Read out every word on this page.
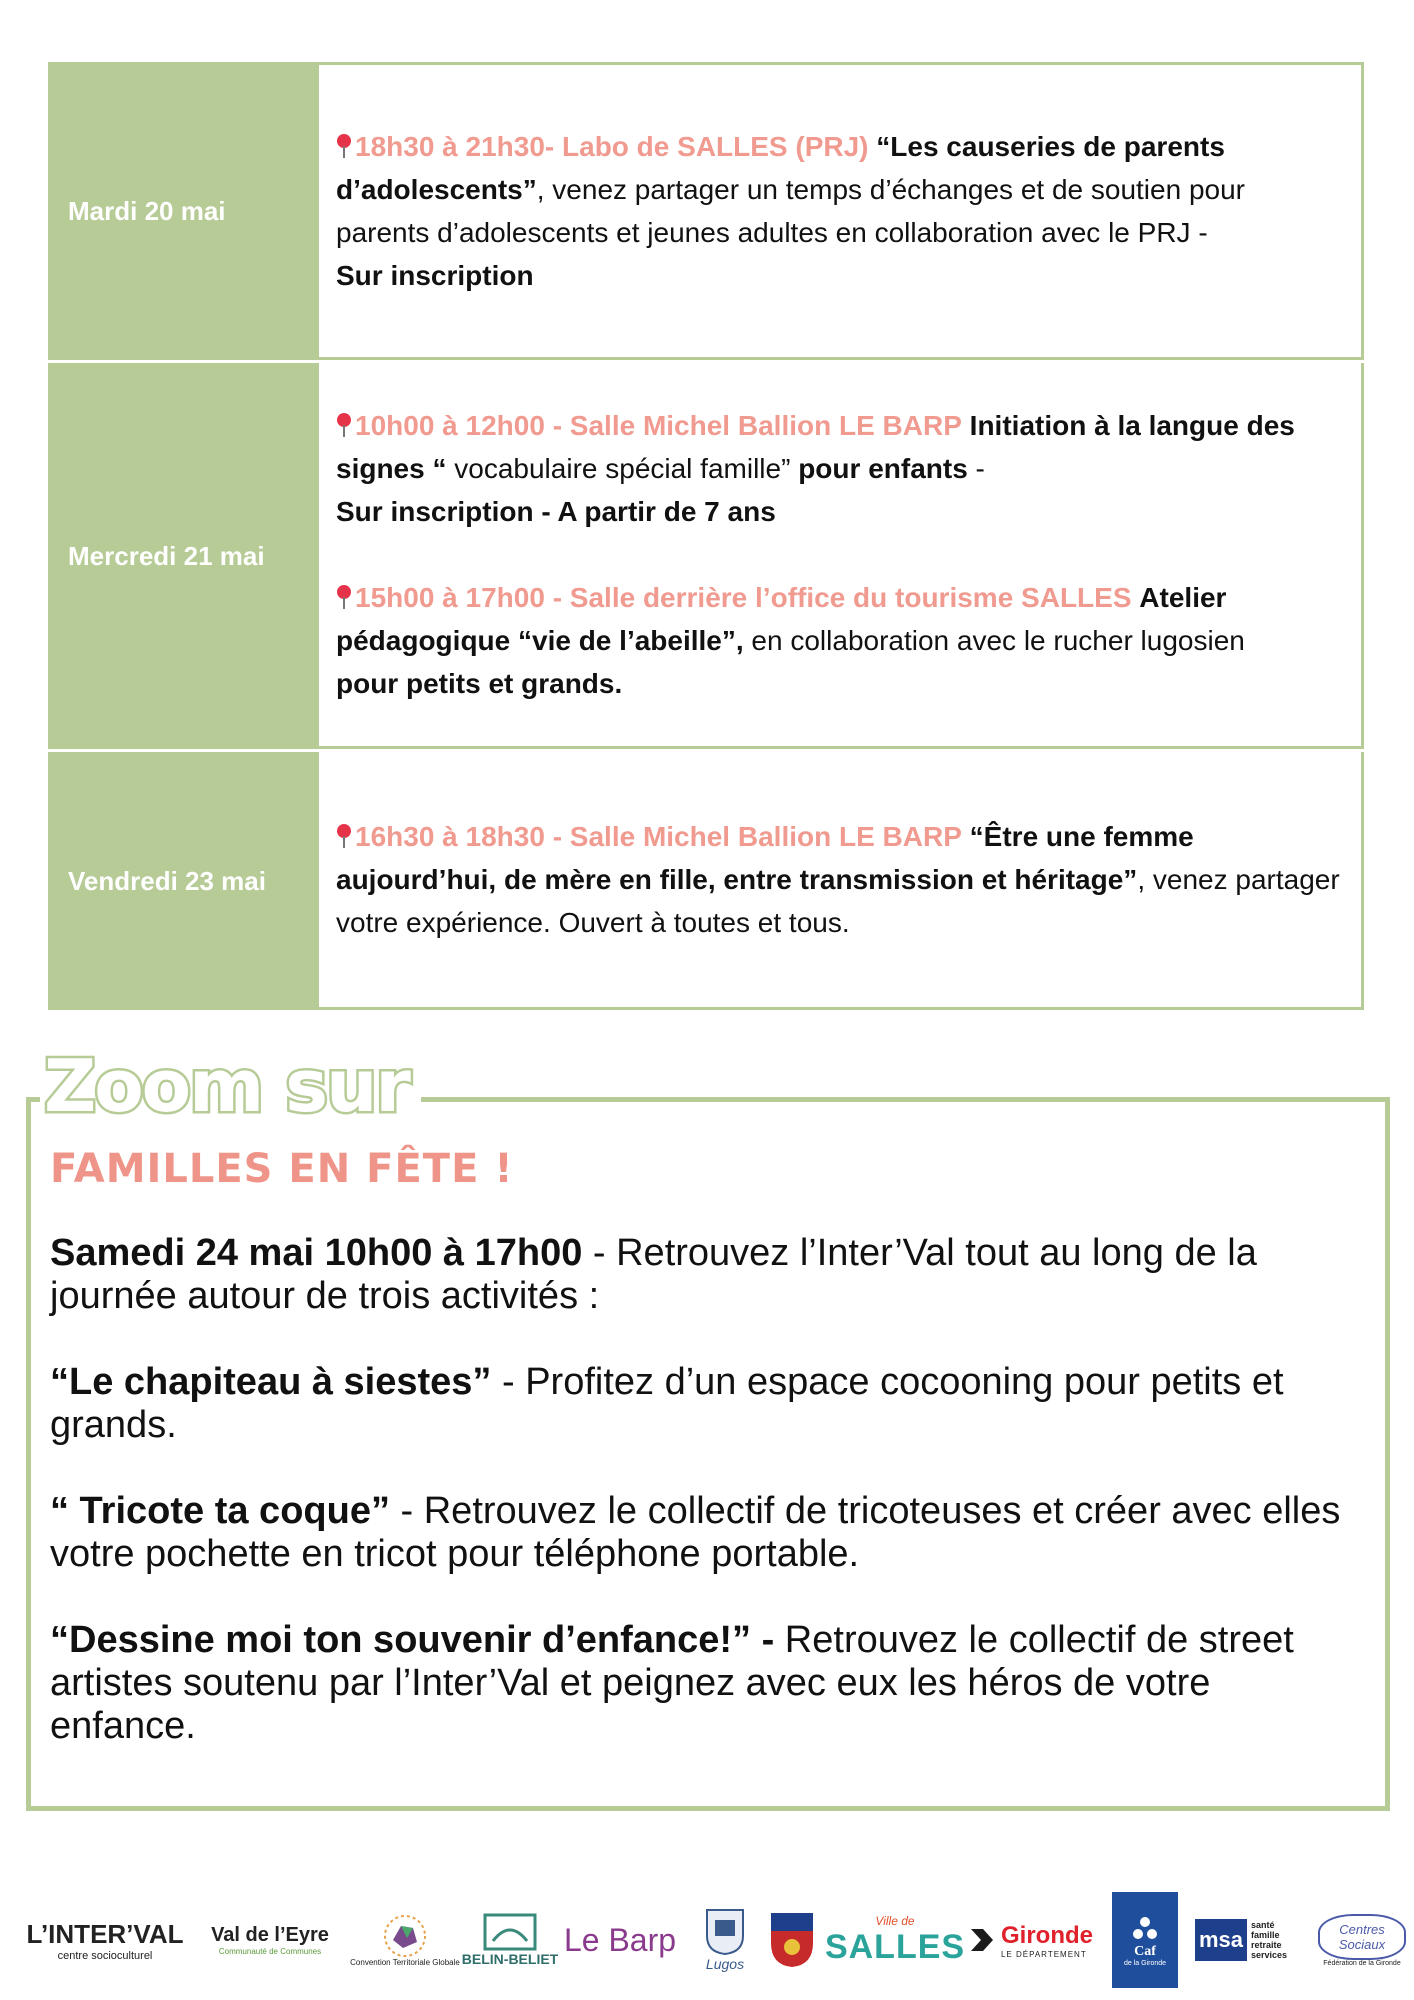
Mardi 20 mai
18h30 à 21h30- Labo de SALLES (PRJ) “Les causeries de parents d’adolescents”, venez partager un temps d’échanges et de soutien pour parents d’adolescents et jeunes adultes en collaboration avec le PRJ -
Sur inscription
Mercredi 21 mai
10h00 à 12h00 - Salle Michel Ballion LE BARP Initiation à la langue des signes “ vocabulaire spécial famille” pour enfants -
Sur inscription - A partir de 7 ans
15h00 à 17h00 - Salle derrière l’office du tourisme SALLES Atelier pédagogique “vie de l’abeille”, en collaboration avec le rucher lugosien
pour petits et grands.
Vendredi 23 mai
16h30 à 18h30 - Salle Michel Ballion LE BARP “Être une femme aujourd’hui, de mère en fille, entre transmission et héritage”, venez partager votre expérience. Ouvert à toutes et tous.
Zoom sur
FAMILLES EN FÊTE !

Samedi 24 mai 10h00 à 17h00 - Retrouvez l’Inter’Val tout au long de la journée autour de trois activités :

“Le chapiteau à siestes” - Profitez d’un espace cocooning pour petits et grands.

“ Tricote ta coque” - Retrouvez le collectif de tricoteuses et créer avec elles votre pochette en tricot pour téléphone portable.

“Dessine moi ton souvenir d’enfance!” - Retrouvez le collectif de street artistes soutenu par l’Inter’Val et peignez avec eux les héros de votre enfance.

L’INTER’VAL
centre socioculturel
Val de l’Eyre
Communauté de Communes
Convention Territoriale Globale BELIN-BELIET
Le Barp
Lugos
Ville de
SALLES Gironde
LE DÉPARTEMENT	Caf
de la Gironde
msa
santé famille retraite services
Centres Sociaux
Fédération de la Gironde
